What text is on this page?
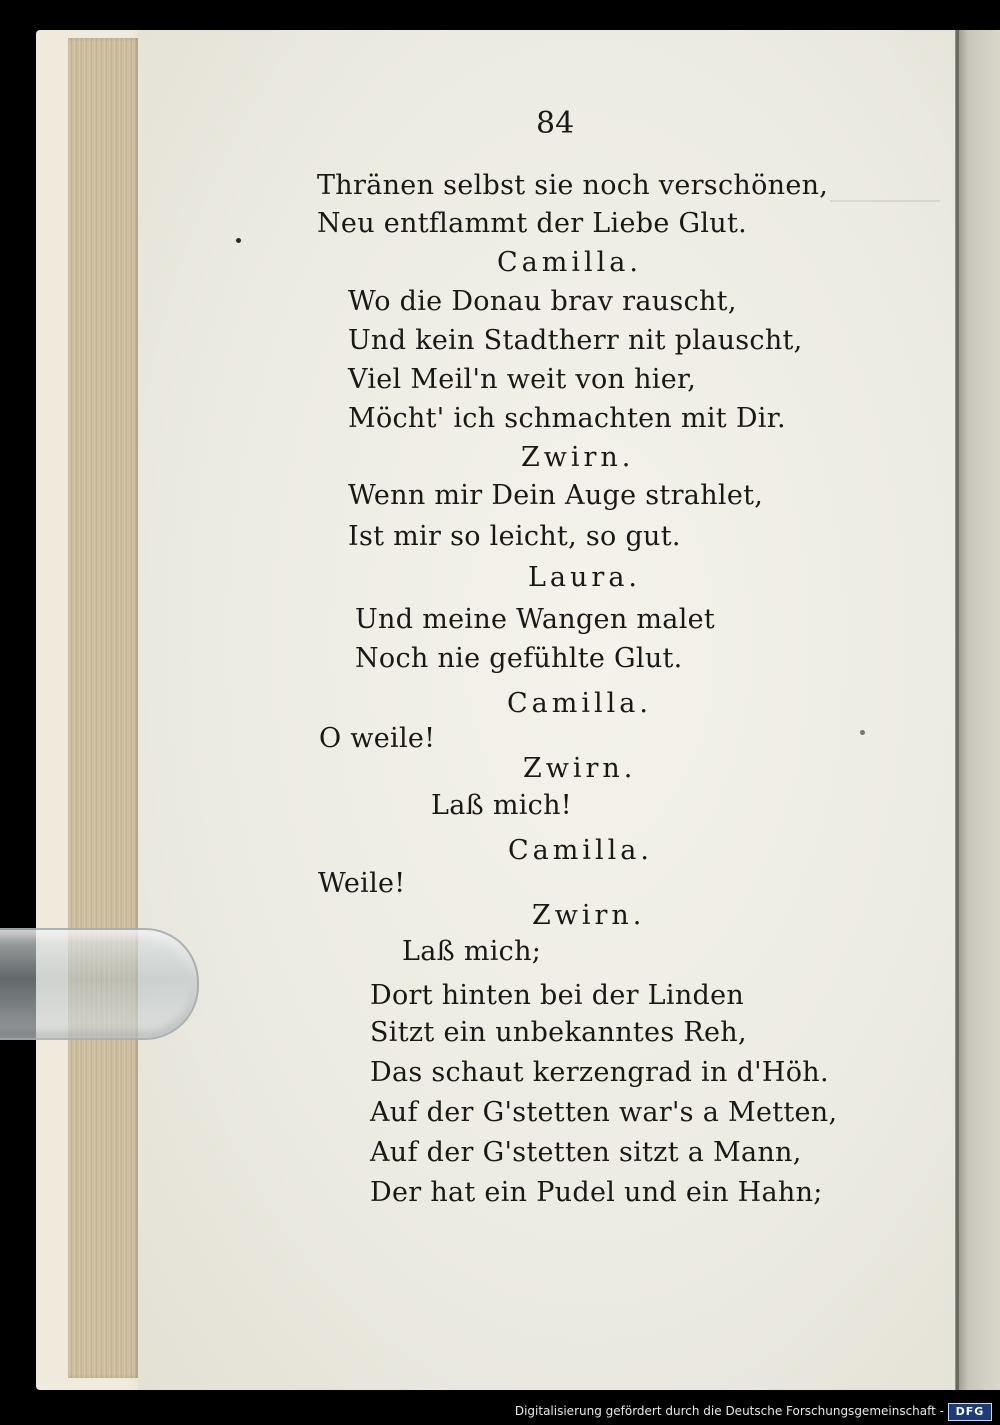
84
Thränen selbst sie noch verschönen,
Neu entflammt der Liebe Glut.
Camilla.
Wo die Donau brav rauscht,
Und kein Stadtherr nit plauscht,
Viel Meil'n weit von hier,
Möcht' ich schmachten mit Dir.
Zwirn.
Wenn mir Dein Auge strahlet,
Ist mir so leicht, so gut.
Laura.
Und meine Wangen malet
Noch nie gefühlte Glut.
Camilla.
O weile!
Zwirn.
Laß mich!
Camilla.
Weile!
Zwirn.
Laß mich;
Dort hinten bei der Linden
Sitzt ein unbekanntes Reh,
Das schaut kerzengrad in d'Höh.
Auf der G'stetten war's a Metten,
Auf der G'stetten sitzt a Mann,
Der hat ein Pudel und ein Hahn;
Digitalisierung gefördert durch die Deutsche Forschungsgemeinschaft -	DFG
